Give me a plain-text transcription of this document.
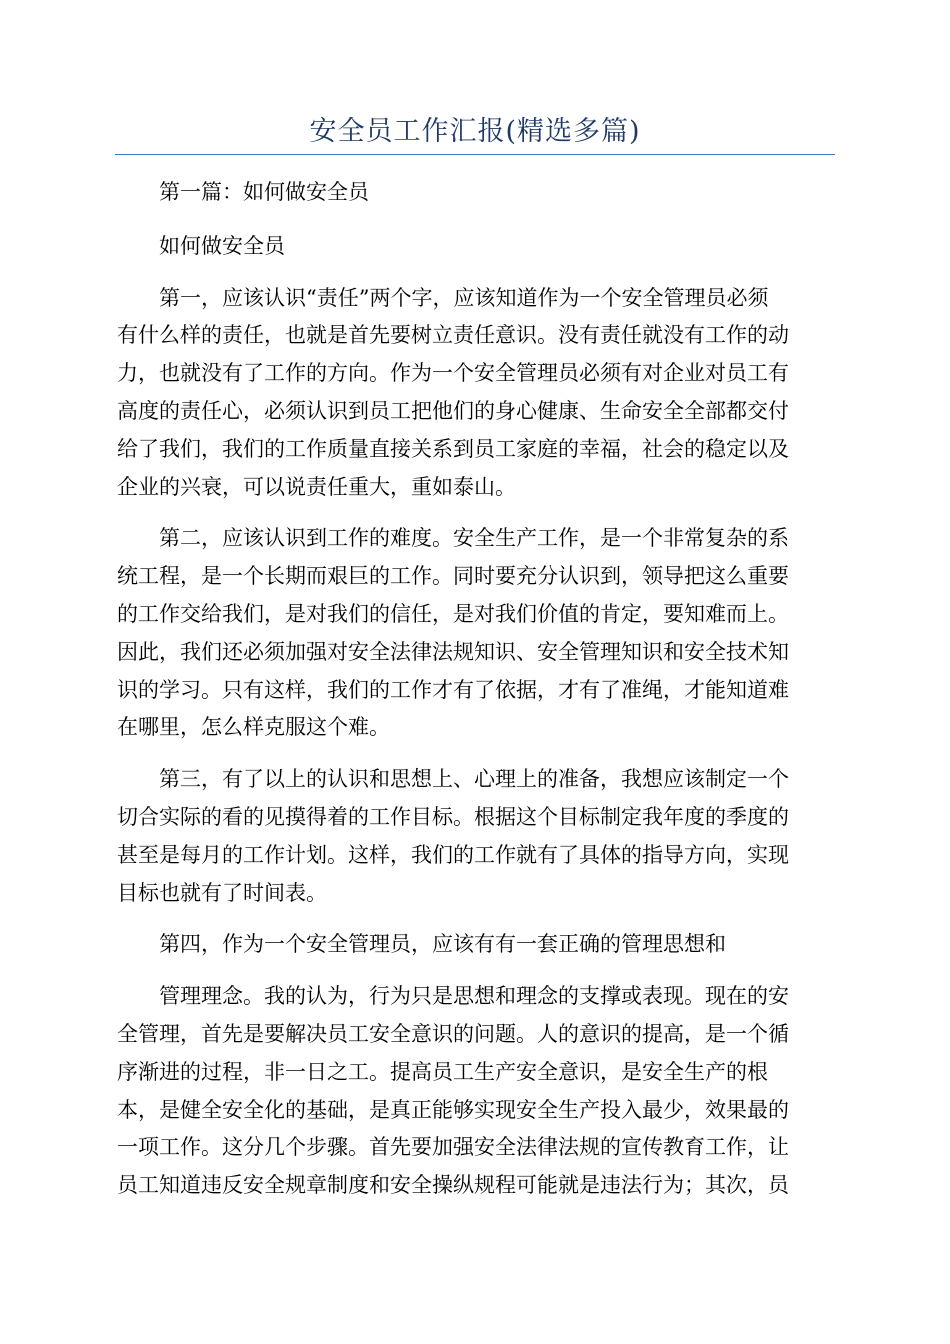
安全员工作汇报(精选多篇)

第一篇：如何做安全员

如何做安全员

第一，应该认识“责任”两个字，应该知道作为一个安全管理员必须
有什么样的责任，也就是首先要树立责任意识。没有责任就没有工作的动
力，也就没有了工作的方向。作为一个安全管理员必须有对企业对员工有
高度的责任心，必须认识到员工把他们的身心健康、生命安全全部都交付
给了我们，我们的工作质量直接关系到员工家庭的幸福，社会的稳定以及
企业的兴衰，可以说责任重大，重如泰山。

第二，应该认识到工作的难度。安全生产工作，是一个非常复杂的系
统工程，是一个长期而艰巨的工作。同时要充分认识到，领导把这么重要
的工作交给我们，是对我们的信任，是对我们价值的肯定，要知难而上。
因此，我们还必须加强对安全法律法规知识、安全管理知识和安全技术知
识的学习。只有这样，我们的工作才有了依据，才有了准绳，才能知道难
在哪里，怎么样克服这个难。

第三，有了以上的认识和思想上、心理上的准备，我想应该制定一个
切合实际的看的见摸得着的工作目标。根据这个目标制定我年度的季度的
甚至是每月的工作计划。这样，我们的工作就有了具体的指导方向，实现
目标也就有了时间表。

第四，作为一个安全管理员，应该有有一套正确的管理思想和

管理理念。我的认为，行为只是思想和理念的支撑或表现。现在的安
全管理，首先是要解决员工安全意识的问题。人的意识的提高，是一个循
序渐进的过程，非一日之工。提高员工生产安全意识，是安全生产的根
本，是健全安全化的基础，是真正能够实现安全生产投入最少，效果最的
一项工作。这分几个步骤。首先要加强安全法律法规的宣传教育工作，让
员工知道违反安全规章制度和安全操纵规程可能就是违法行为；其次，员
